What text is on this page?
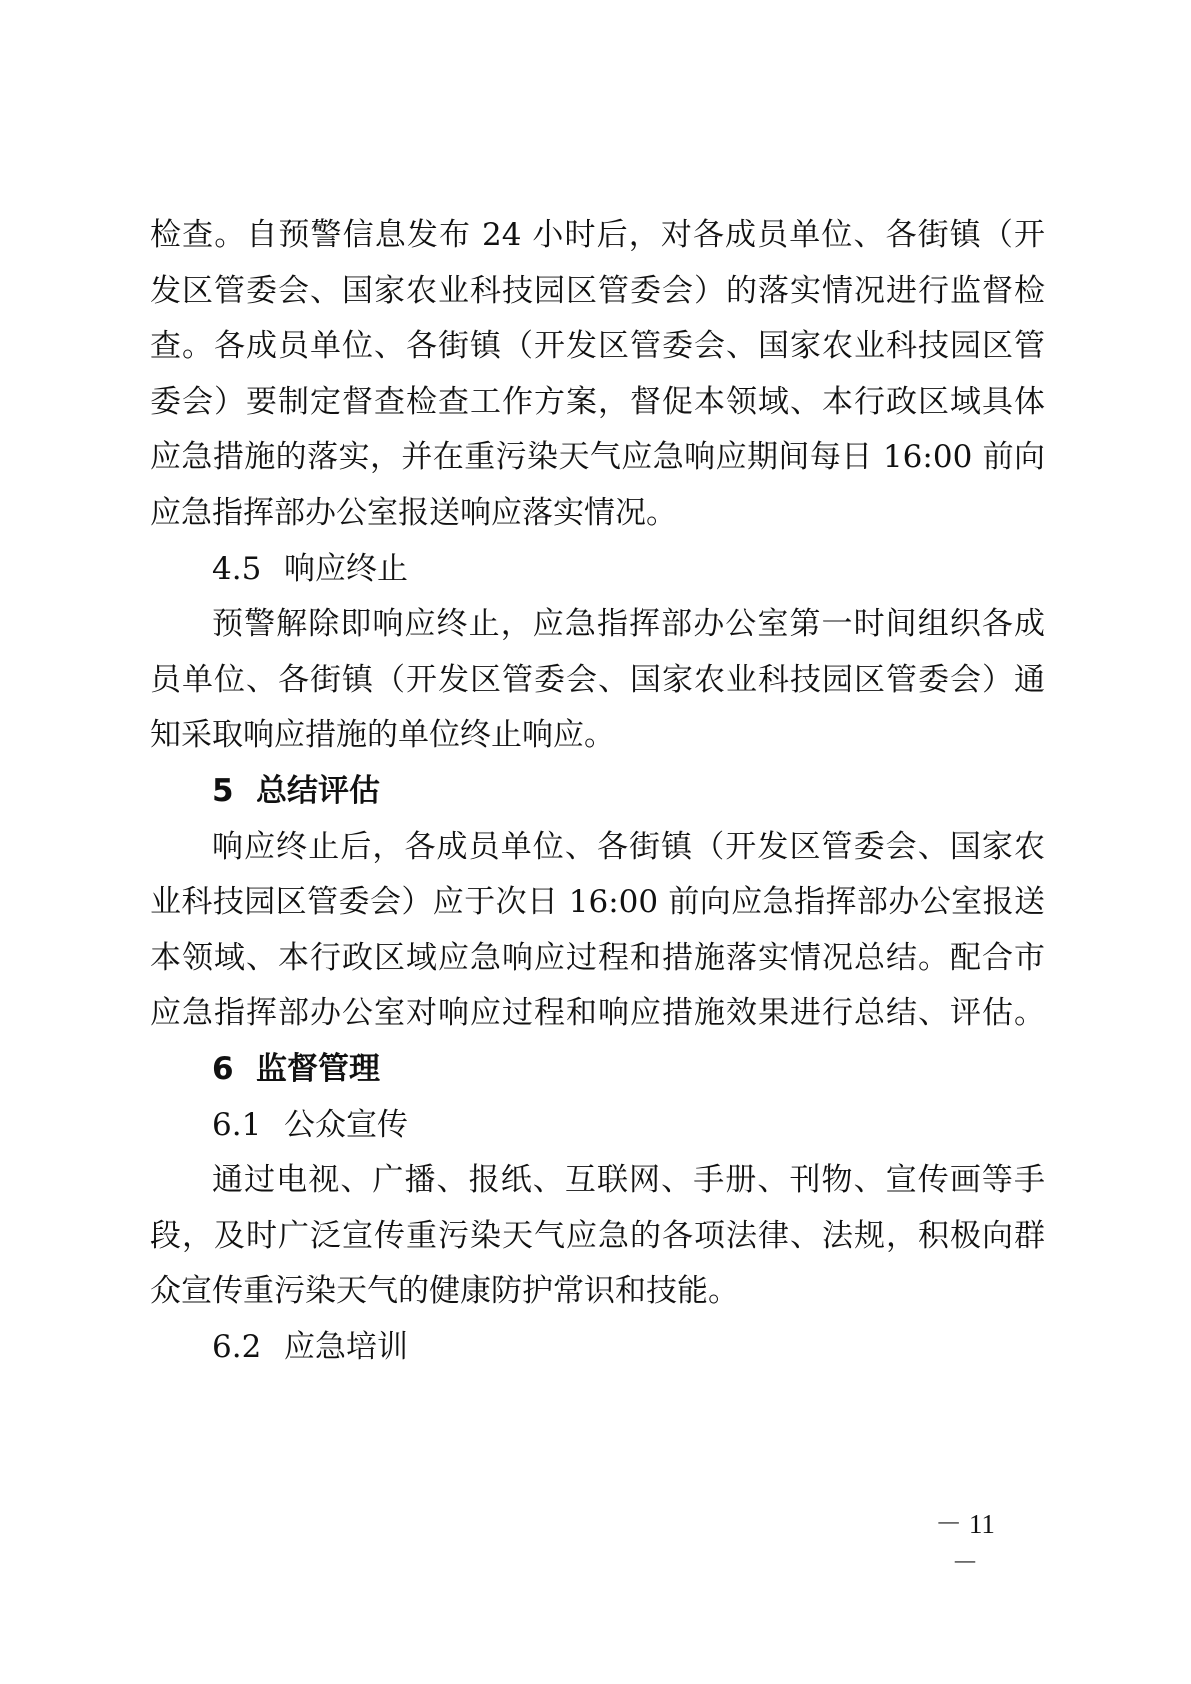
检查。自预警信息发布 24 小时后，对各成员单位、各街镇（开
发区管委会、国家农业科技园区管委会）的落实情况进行监督检
查。各成员单位、各街镇（开发区管委会、国家农业科技园区管
委会）要制定督查检查工作方案，督促本领域、本行政区域具体
应急措施的落实，并在重污染天气应急响应期间每日 16:00 前向
应急指挥部办公室报送响应落实情况。
4.5 响应终止
预警解除即响应终止，应急指挥部办公室第一时间组织各成
员单位、各街镇（开发区管委会、国家农业科技园区管委会）通
知采取响应措施的单位终止响应。
5 总结评估
响应终止后，各成员单位、各街镇（开发区管委会、国家农
业科技园区管委会）应于次日 16:00 前向应急指挥部办公室报送
本领域、本行政区域应急响应过程和措施落实情况总结。配合市
应急指挥部办公室对响应过程和响应措施效果进行总结、评估。
6 监督管理
6.1 公众宣传
通过电视、广播、报纸、互联网、手册、刊物、宣传画等手
段，及时广泛宣传重污染天气应急的各项法律、法规，积极向群
众宣传重污染天气的健康防护常识和技能。
6.2 应急培训
－ 11 －
